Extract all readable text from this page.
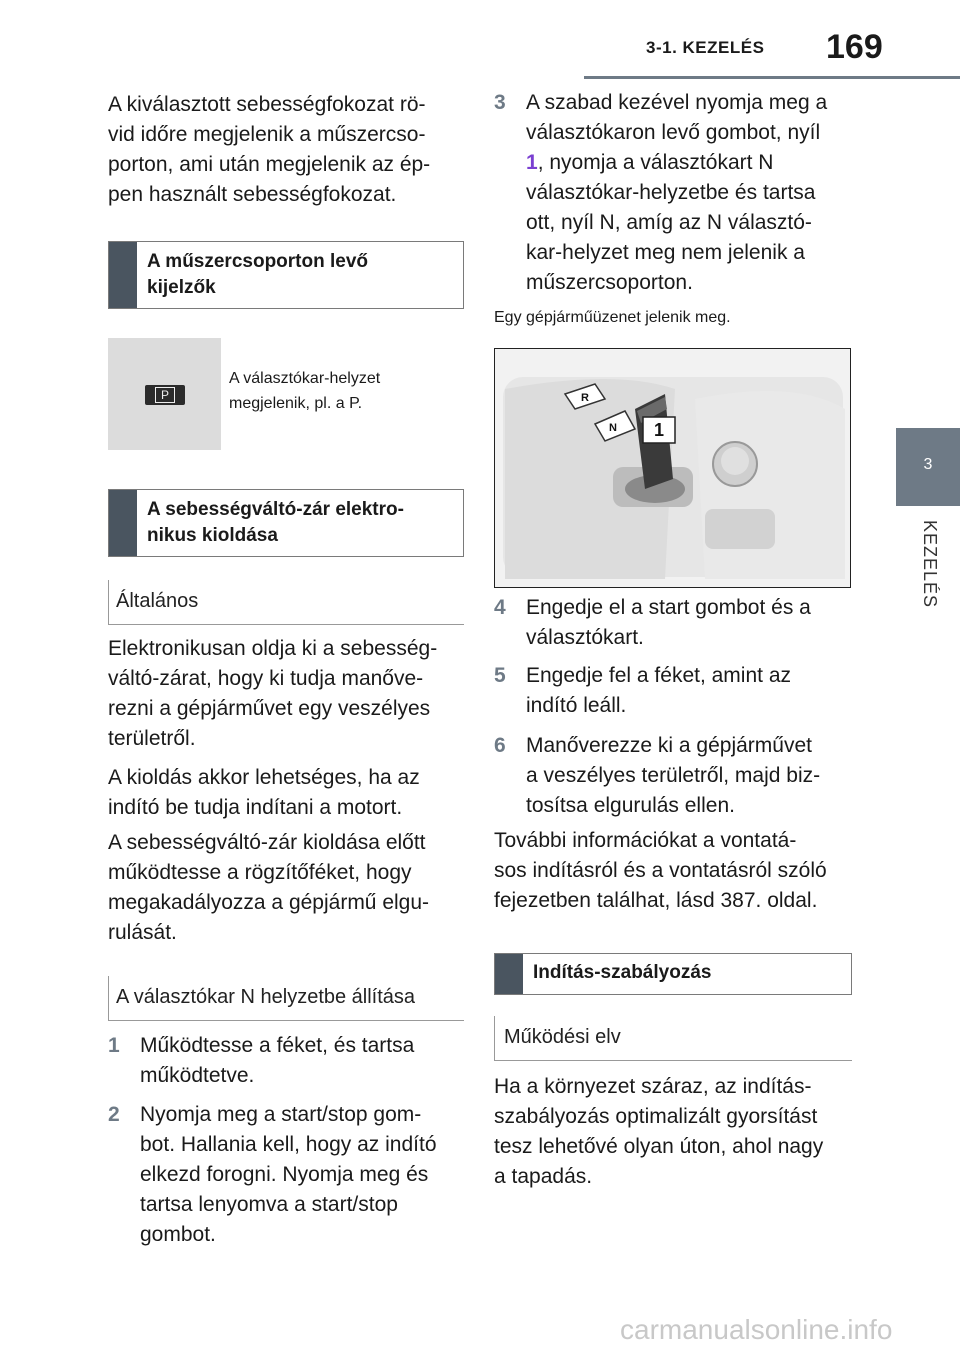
3-1. KEZELÉS 169
3
KEZELÉS
A kiválasztott sebességfokozat rö-
vid időre megjelenik a műszercso-
porton, ami után megjelenik az ép-
pen használt sebességfokozat.
A műszercsoporton levő
kijelzők
P
A választókar-helyzet
megjelenik, pl. a P.
A sebességváltó-zár elektro-
nikus kioldása
Általános
Elektronikusan oldja ki a sebesség-
váltó-zárat, hogy ki tudja manőve-
rezni a gépjárművet egy veszélyes
területről.
A kioldás akkor lehetséges, ha az
indító be tudja indítani a motort.
A sebességváltó-zár kioldása előtt
működtesse a rögzítőféket, hogy
megakadályozza a gépjármű elgu-
rulását.
A választókar N helyzetbe állítása
1 Működtesse a féket, és tartsa
működtetve.
2 Nyomja meg a start/stop gom-
bot. Hallania kell, hogy az indító
elkezd forogni. Nyomja meg és
tartsa lenyomva a start/stop
gombot.
3 A szabad kezével nyomja meg a
választókaron levő gombot, nyíl
1, nyomja a választókart N
választókar-helyzetbe és tartsa
ott, nyíl N, amíg az N választó-
kar-helyzet meg nem jelenik a
műszercsoporton.
Egy gépjárműüzenet jelenik meg.
R
N 1
4 Engedje el a start gombot és a
választókart.
5 Engedje fel a féket, amint az
indító leáll.
6 Manőverezze ki a gépjárművet
a veszélyes területről, majd biz-
tosítsa elgurulás ellen.
További információkat a vontatá-
sos indításról és a vontatásról szóló
fejezetben találhat, lásd 387. oldal.
Indítás-szabályozás
Működési elv
Ha a környezet száraz, az indítás-
szabályozás optimalizált gyorsítást
tesz lehetővé olyan úton, ahol nagy
a tapadás.
carmanualsonline.info
